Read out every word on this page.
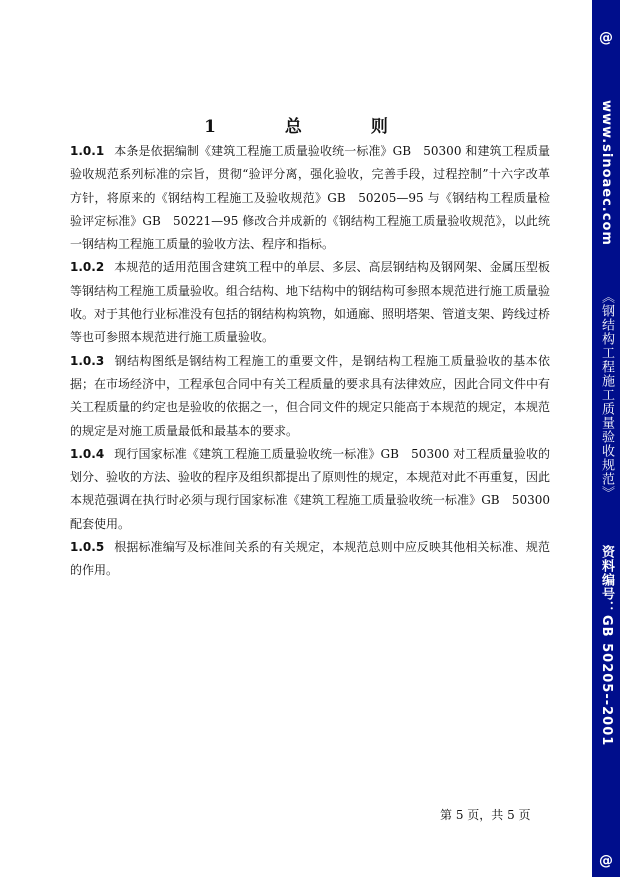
1　总　则

1.0.1 本条是依据编制《建筑工程施工质量验收统一标准》GB　50300 和建筑工程质量验收规范系列标准的宗旨，贯彻“验评分离，强化验收，完善手段，过程控制”十六字改革方针，将原来的《钢结构工程施工及验收规范》GB　50205—95 与《钢结构工程质量检验评定标准》GB　50221—95 修改合并成新的《钢结构工程施工质量验收规范》，以此统一钢结构工程施工质量的验收方法、程序和指标。

1.0.2 本规范的适用范围含建筑工程中的单层、多层、高层钢结构及钢网架、金属压型板等钢结构工程施工质量验收。组合结构、地下结构中的钢结构可参照本规范进行施工质量验收。对于其他行业标准没有包括的钢结构构筑物，如通廊、照明塔架、管道支架、跨线过桥等也可参照本规范进行施工质量验收。

1.0.3 钢结构图纸是钢结构工程施工的重要文件，是钢结构工程施工质量验收的基本依据；在市场经济中，工程承包合同中有关工程质量的要求具有法律效应，因此合同文件中有关工程质量的约定也是验收的依据之一，但合同文件的规定只能高于本规范的规定，本规范的规定是对施工质量最低和最基本的要求。

1.0.4 现行国家标准《建筑工程施工质量验收统一标准》GB　50300 对工程质量验收的划分、验收的方法、验收的程序及组织都提出了原则性的规定，本规范对此不再重复，因此本规范强调在执行时必须与现行国家标准《建筑工程施工质量验收统一标准》GB　50300 配套使用。

1.0.5 根据标准编写及标准间关系的有关规定，本规范总则中应反映其他相关标准、规范的作用。

第 5 页，共 5 页
@
www.sinoaec.com
《钢结构工程施工质量验收规范》
资料编号：GB 50205--2001
@
